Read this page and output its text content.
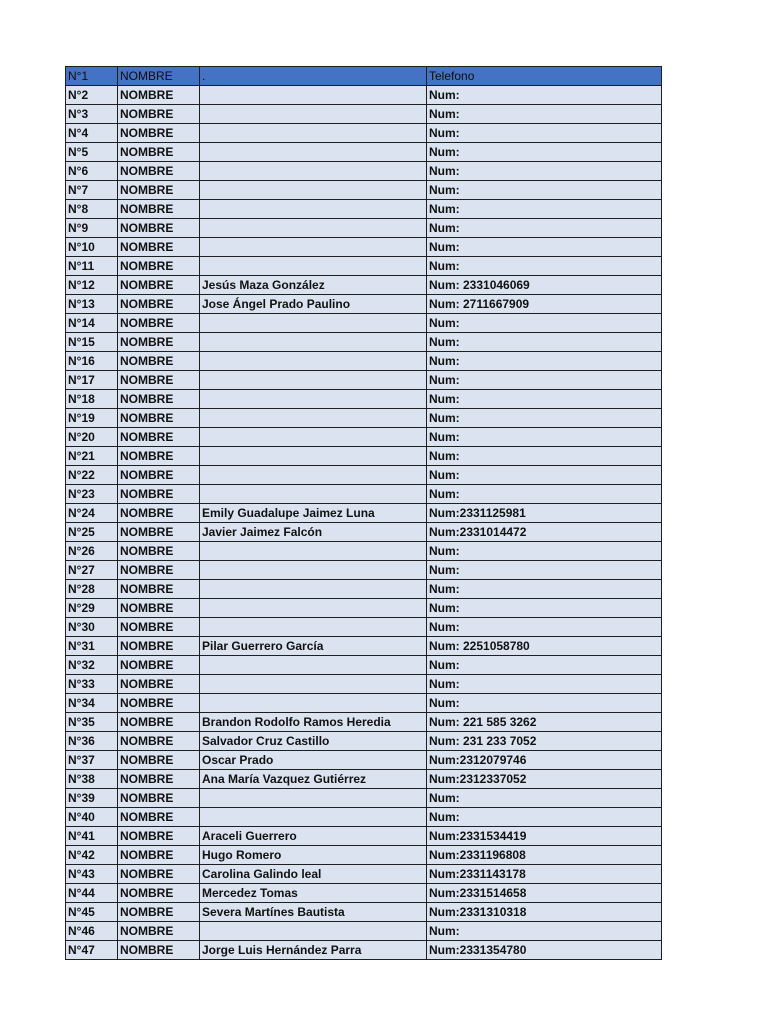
N°1	NOMBRE	.	Telefono
N°2	NOMBRE		Num:
N°3	NOMBRE		Num:
N°4	NOMBRE		Num:
N°5	NOMBRE		Num:
N°6	NOMBRE		Num:
N°7	NOMBRE		Num:
N°8	NOMBRE		Num:
N°9	NOMBRE		Num:
N°10	NOMBRE		Num:
N°11	NOMBRE		Num:
N°12	NOMBRE	Jesús Maza González	Num: 2331046069
N°13	NOMBRE	Jose Ángel Prado Paulino	Num: 2711667909
N°14	NOMBRE		Num:
N°15	NOMBRE		Num:
N°16	NOMBRE		Num:
N°17	NOMBRE		Num:
N°18	NOMBRE		Num:
N°19	NOMBRE		Num:
N°20	NOMBRE		Num:
N°21	NOMBRE		Num:
N°22	NOMBRE		Num:
N°23	NOMBRE		Num:
N°24	NOMBRE	Emily Guadalupe Jaimez Luna	Num:2331125981
N°25	NOMBRE	Javier Jaimez Falcón	Num:2331014472
N°26	NOMBRE		Num:
N°27	NOMBRE		Num:
N°28	NOMBRE		Num:
N°29	NOMBRE		Num:
N°30	NOMBRE		Num:
N°31	NOMBRE	Pilar Guerrero García	Num: 2251058780
N°32	NOMBRE		Num:
N°33	NOMBRE		Num:
N°34	NOMBRE		Num:
N°35	NOMBRE	Brandon Rodolfo Ramos Heredia	Num: 221 585 3262
N°36	NOMBRE	Salvador Cruz Castillo	Num: 231 233 7052
N°37	NOMBRE	Oscar Prado	Num:2312079746
N°38	NOMBRE	Ana María Vazquez Gutiérrez	Num:2312337052
N°39	NOMBRE		Num:
N°40	NOMBRE		Num:
N°41	NOMBRE	Araceli Guerrero	Num:2331534419
N°42	NOMBRE	Hugo Romero	Num:2331196808
N°43	NOMBRE	Carolina Galindo leal	Num:2331143178
N°44	NOMBRE	Mercedez Tomas	Num:2331514658
N°45	NOMBRE	Severa Martínes Bautista	Num:2331310318
N°46	NOMBRE		Num:
N°47	NOMBRE	Jorge Luis Hernández Parra	Num:2331354780
